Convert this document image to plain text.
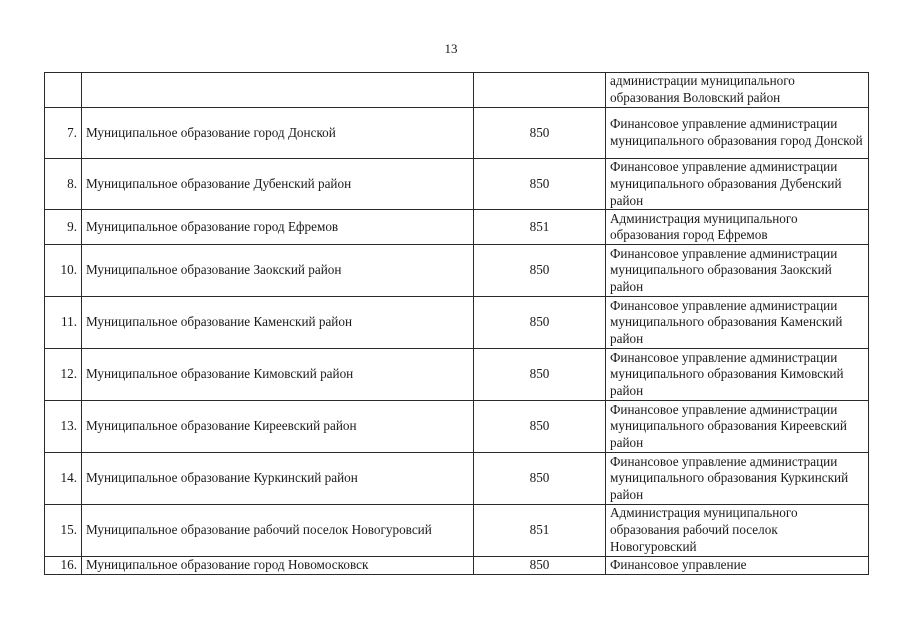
13
			администрации муниципального образования Воловский район
7.	Муниципальное образование город Донской	850	Финансовое управление администрации муниципального образования город Донской
8.	Муниципальное образование Дубенский район	850	Финансовое управление администрации муниципального образования Дубенский район
9.	Муниципальное образование город Ефремов	851	Администрация муниципального образования город Ефремов
10.	Муниципальное образование Заокский район	850	Финансовое управление администрации муниципального образования Заокский район
11.	Муниципальное образование Каменский район	850	Финансовое управление администрации муниципального образования Каменский район
12.	Муниципальное образование Кимовский район	850	Финансовое управление администрации муниципального образования Кимовский район
13.	Муниципальное образование Киреевский район	850	Финансовое управление администрации муниципального образования Киреевский район
14.	Муниципальное образование Куркинский район	850	Финансовое управление администрации муниципального образования Куркинский район
15.	Муниципальное образование рабочий поселок Новогуровсий	851	Администрация муниципального образования рабочий поселок Новогуровский
16.	Муниципальное образование город Новомосковск	850	Финансовое управление
